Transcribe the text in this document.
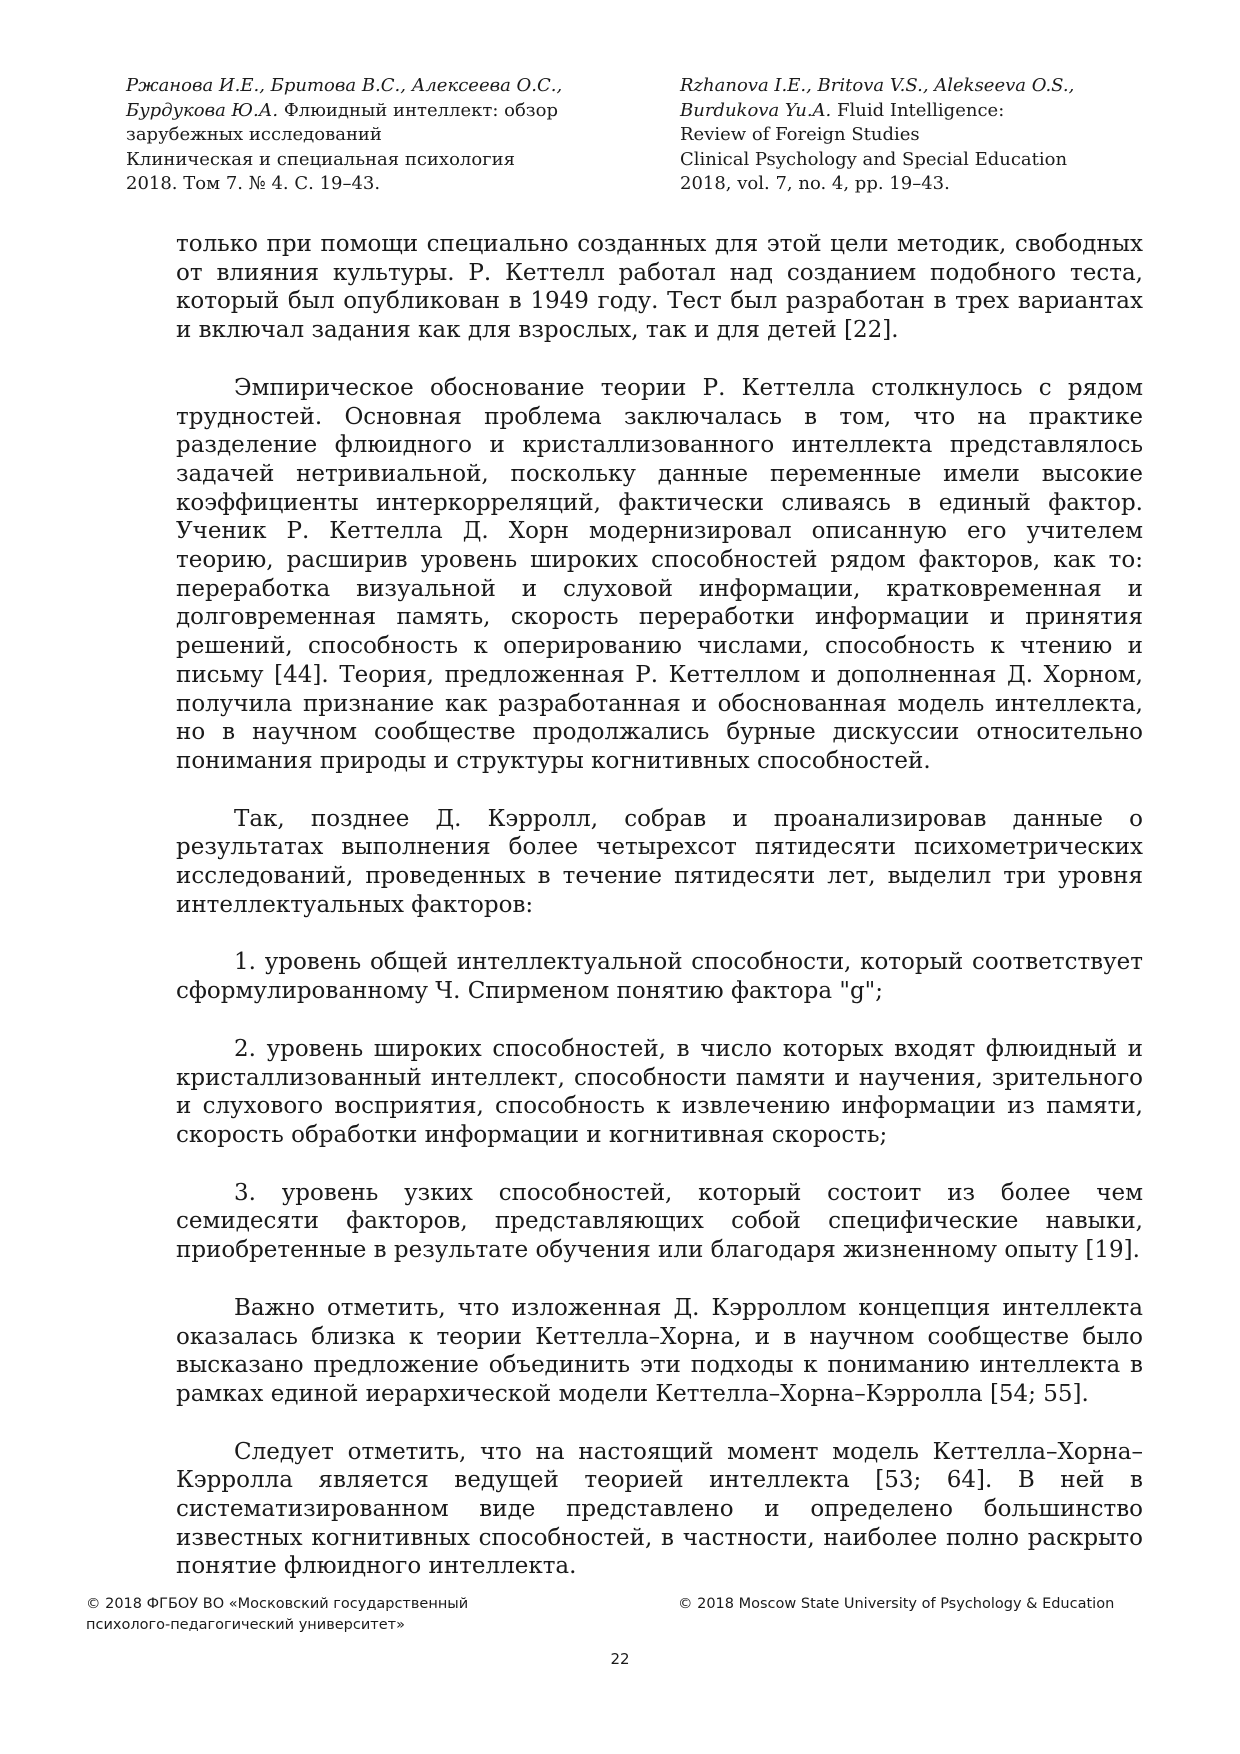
Ржанова И.Е., Бритова В.С., Алексеева О.С.,
Бурдукова Ю.А. Флюидный интеллект: обзор
зарубежных исследований
Клиническая и специальная психология
2018. Том 7. № 4. С. 19–43.
Rzhanova I.E., Britova V.S., Alekseeva O.S.,
Burdukova Yu.A. Fluid Intelligence:
Review of Foreign Studies
Clinical Psychology and Special Education
2018, vol. 7, no. 4, pp. 19–43.

только при помощи специально созданных для этой цели методик, свободных от влияния культуры. Р. Кеттелл работал над созданием подобного теста, который был опубликован в 1949 году. Тест был разработан в трех вариантах и включал задания как для взрослых, так и для детей [22].

Эмпирическое обоснование теории Р. Кеттелла столкнулось с рядом трудностей. Основная проблема заключалась в том, что на практике разделение флюидного и кристаллизованного интеллекта представлялось задачей нетривиальной, поскольку данные переменные имели высокие коэффициенты интеркорреляций, фактически сливаясь в единый фактор. Ученик Р. Кеттелла Д. Хорн модернизировал описанную его учителем теорию, расширив уровень широких способностей рядом факторов, как то: переработка визуальной и слуховой информации, кратковременная и долговременная память, скорость переработки информации и принятия решений, способность к оперированию числами, способность к чтению и письму [44]. Теория, предложенная Р. Кеттеллом и дополненная Д. Хорном, получила признание как разработанная и обоснованная модель интеллекта, но в научном сообществе продолжались бурные дискуссии относительно понимания природы и структуры когнитивных способностей.

Так, позднее Д. Кэрролл, собрав и проанализировав данные о результатах выполнения более четырехсот пятидесяти психометрических исследований, проведенных в течение пятидесяти лет, выделил три уровня интеллектуальных факторов:

1. уровень общей интеллектуальной способности, который соответствует сформулированному Ч. Спирменом понятию фактора "g";

2. уровень широких способностей, в число которых входят флюидный и кристаллизованный интеллект, способности памяти и научения, зрительного и слухового восприятия, способность к извлечению информации из памяти, скорость обработки информации и когнитивная скорость;

3. уровень узких способностей, который состоит из более чем семидесяти факторов, представляющих собой специфические навыки, приобретенные в результате обучения или благодаря жизненному опыту [19].

Важно отметить, что изложенная Д. Кэрроллом концепция интеллекта оказалась близка к теории Кеттелла–Хорна, и в научном сообществе было высказано предложение объединить эти подходы к пониманию интеллекта в рамках единой иерархической модели Кеттелла–Хорна–Кэрролла [54; 55].

Следует отметить, что на настоящий момент модель Кеттелла–Хорна–Кэрролла является ведущей теорией интеллекта [53; 64]. В ней в систематизированном виде представлено и определено большинство известных когнитивных способностей, в частности, наиболее полно раскрыто понятие флюидного интеллекта.

© 2018 ФГБОУ ВО «Московский государственный
психолого-педагогический университет»
© 2018 Moscow State University of Psychology & Education
22
